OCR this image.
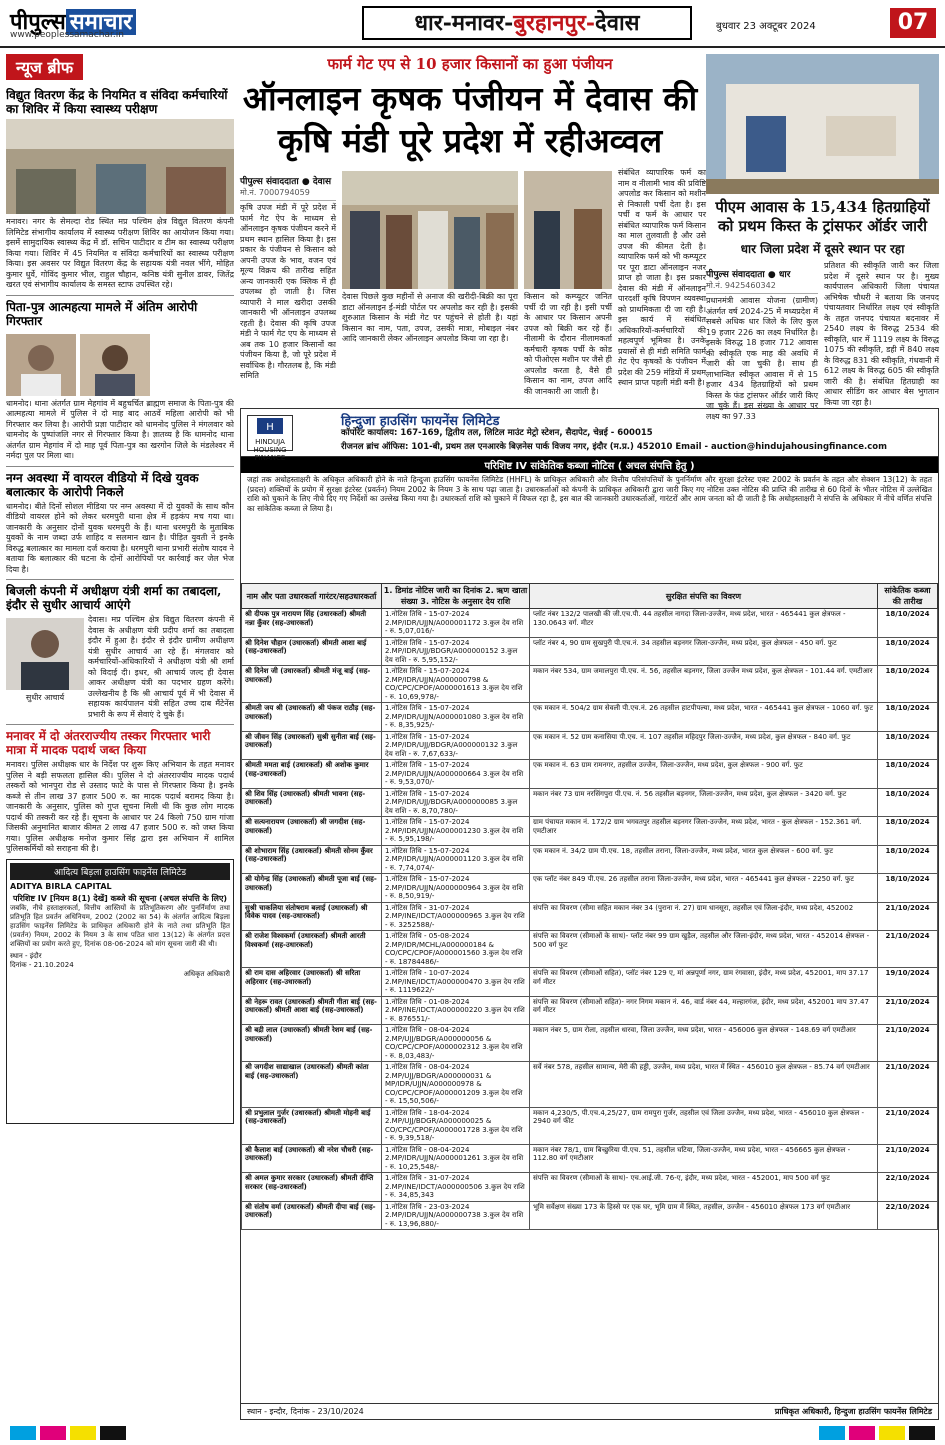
पीपुल्स समाचार
www.peoplessamachar.in	धार-मनावर-बुरहानपुर-देवास	बुधवार 23 अक्टूबर 2024	07
न्यूज ब्रीफ
विद्युत वितरण केंद्र के नियमित व संविदा कर्मचारियों का शिविर में किया स्वास्थ्य परीक्षण
मनावर। नगर के सेमल्दा रोड स्थित मप्र पश्चिम क्षेत्र विद्युत वितरण कंपनी लिमिटेड संभागीय कार्यालय में स्वास्थ्य परीक्षण शिविर का आयोजन किया गया। इसमें सामुदायिक स्वास्थ्य केंद्र में डॉ. सचिन पाटीदार व टीम का स्वास्थ्य परीक्षण किया गया। शिविर में 45 नियमित व संविदा कर्मचारियों का स्वास्थ्य परीक्षण किया। इस अवसर पर विद्युत वितरण केंद्र के सहायक यंत्री नवल भींगे, मोहित कुमार धुर्वे, गोविंद कुमार भील, राहुल चौहान, कनिष्ठ यंत्री सुनील डावर, जितेंद्र खरत एवं संभागीय कार्यालय के समस्त स्टाफ उपस्थित रहे।
पिता-पुत्र आत्महत्या मामले में अंतिम आरोपी गिरफ्तार
धामनोद। थाना अंतर्गत ग्राम मेहगांव में बहुचर्चित ब्राह्मण समाज के पिता-पुत्र की आत्महत्या मामले में पुलिस ने दो माह बाद आठवें महिला आरोपी को भी गिरफ्तार कर लिया है। आरोपी प्रज्ञा पाटीदार को धामनोद पुलिस ने मंगलवार को धामनोद के पुष्पांजलि नगर से गिरफ्तार किया है। ज्ञातव्य है कि धामनोद थाना अंतर्गत ग्राम मेहगांव में दो माह पूर्व पिता-पुत्र का खरगोन जिले के मंडलेश्वर में नर्मदा पुल पर मिला था।
नग्न अवस्था में वायरल वीडियो में दिखे युवक बलात्कार के आरोपी निकले
धामनोद। बीते दिनों सोशल मीडिया पर नग्न अवस्था में दो युवकों के साथ कौन वीडियो वायरल होने को लेकर धरमपुरी थाना क्षेत्र में हड़कंप मच गया था। जानकारी के अनुसार दोनों युवक धरमपुरी के हैं। थाना धरमपुरी के मुताबिक युवकों के नाम जब्दा उर्फ शाहिद व सलमान खान है। पीड़ित युवती ने इनके विरुद्ध बलात्कार का मामला दर्ज कराया है। धरमपुरी थाना प्रभारी संतोष यादव ने बताया कि बलात्कार की घटना के दोनों आरोपियों पर कार्रवाई कर जेल भेज दिया है।
बिजली कंपनी में अधीक्षण यंत्री शर्मा का तबादला, इंदौर से सुधीर आचार्य आएंगे
सुधीर आचार्य
देवास। मप्र पश्चिम क्षेत्र विद्युत वितरण कंपनी में देवास के अधीक्षण यंत्री प्रदीप शर्मा का तबादला इंदौर में हुआ है। इंदौर से इंदौर ग्रामीण अधीक्षण यंत्री सुधीर आचार्य आ रहे हैं। मंगलवार को कर्मचारियों-अधिकारियों ने अधीक्षण यंत्री श्री शर्मा को विदाई दी। इधर, श्री आचार्य जल्द ही देवास आकर अधीक्षण यंत्री का पदभार ग्रहण करेंगे। उल्लेखनीय है कि श्री आचार्य पूर्व में भी देवास में सहायक कार्यपालन यंत्री सहित उच्च दाब मैंटेनेंस प्रभारी के रूप में सेवाएं दे चुके हैं।
मनावर में दो अंतरराज्यीय तस्कर गिरफ्तार भारी मात्रा में मादक पदार्थ जब्त किया
मनावर। पुलिस अधीक्षक धार के निर्देश पर शुरू किए अभियान के तहत मनावर पुलिस ने बड़ी सफलता हासिल की। पुलिस ने दो अंतरराज्यीय मादक पदार्थ तस्करों को भानपुरा रोड से उस्ताद फाटे के पास से गिरफ्तार किया है। इनके कब्जे से तीन लाख 37 हजार 500 रु. का मादक पदार्थ बरामद किया है। जानकारी के अनुसार, पुलिस को गुप्त सूचना मिली थी कि कुछ लोग मादक पदार्थ की तस्करी कर रहे हैं। सूचना के आधार पर 24 किलो 750 ग्राम गांजा जिसकी अनुमानित बाजार कीमत 2 लाख 47 हजार 500 रु. को जब्त किया गया। पुलिस अधीक्षक मनोज कुमार सिंह द्वारा इस अभियान में शामिल पुलिसकर्मियों को सराहना की है।
आदित्य बिड़ला हाउसिंग फाइनेंस लिमिटेड
ADITYA BIRLA CAPITAL
परिशिष्ट IV [नियम 8(1) देखें] कब्जे की सूचना (अचल संपत्ति के लिए)
जबकि, नीचे हस्ताक्षरकर्ता, वित्तीय आस्तियों के प्रतिभूतिकरण और पुनर्निर्माण तथा प्रतिभूति हित प्रवर्तन अधिनियम, 2002 (2002 का 54) के अंतर्गत आदित्य बिड़ला हाउसिंग फाइनेंस लिमिटेड के प्राधिकृत अधिकारी होने के नाते तथा प्रतिभूति हित (प्रवर्तन) नियम, 2002 के नियम 3 के साथ पठित धारा 13(12) के अंतर्गत प्रदत्त शक्तियों का प्रयोग करते हुए, दिनांक 08-06-2024 को मांग सूचना जारी की थी।
स्थान - इंदौर
दिनांक - 21.10.2024
अधिकृत अधिकारी
फार्म गेट एप से 10 हजार किसानों का हुआ पंजीयन
ऑनलाइन कृषक पंजीयन में देवास की कृषि मंडी पूरे प्रदेश में रहीअव्वल
पीपुल्स संवाददाता ● देवास
मो.नं. 7000794059
कृषि उपज मंडी में पूरे प्रदेश में फार्म गेट ऐप के माध्यम से ऑनलाइन कृषक पंजीयन करने में प्रथम स्थान हासिल किया है। इस प्रकार के पंजीयन से किसान को अपनी उपज के भाव, वजन एवं मूल्य विक्रय की तारीख सहित अन्य जानकारी एक क्लिक में ही उपलब्ध हो जाती है। जिस व्यापारी ने माल खरीदा उसकी जानकारी भी ऑनलाइन उपलब्ध रहती है। देवास की कृषि उपज मंडी ने फार्म गेट एप के माध्यम से अब तक 10 हजार किसानों का पंजीयन किया है, जो पूरे प्रदेश में सर्वाधिक है। गौरतलब है, कि मंडी समिति
देवास पिछले कुछ महीनों से अनाज की खरीदी-बिक्री का पूरा डाटा ऑनलाइन ई-मंडी पोर्टल पर अपलोड कर रही है। इसकी शुरुआत किसान के मंडी गेट पर पहुंचने से होती है। यहां किसान का नाम, पता, उपज, उसकी मात्रा, मोबाइल नंबर आदि जानकारी लेकर ऑनलाइन अपलोड किया जा रहा है।
किसान को कम्प्यूटर जनित पर्ची दी जा रही है। इसी पर्ची के आधार पर किसान अपनी उपज को बिक्री कर रहे हैं। नीलामी के दौरान नीलामकर्ता कर्मचारी कृषक पर्ची के कोड को पीओएस मशीन पर जैसे ही अपलोड करता है, वैसे ही किसान का नाम, उपज आदि की जानकारी आ जाती है।
संबंधित व्यापारिक फर्म का नाम व नीलामी भाव की प्रविष्टि अपलोड कर किसान को मशीन से निकाली पर्ची देता है। इस पर्ची व फर्म के आधार पर संबंधित व्यापारिक फर्म किसान का माल तुलवाती है और उसे उपज की कीमत देती है। व्यापारिक फर्म को भी कम्प्यूटर पर पूरा डाटा ऑनलाइन नजर प्राप्त हो जाता है। इस प्रकार देवास की मंडी में ऑनलाइन पारदर्शी कृषि विपणन व्यवस्था को प्राथमिकता दी जा रही है। इस कार्य में संबंधित अधिकारियों-कर्मचारियों की महत्वपूर्ण भूमिका है। उनके प्रयासों से ही मंडी समिति फार्म गेट ऐप कृषकों के पंजीयन में प्रदेश की 259 मंडियों में प्रथम स्थान प्राप्त पहली मंडी बनी है।
पीएम आवास के 15,434 हितग्राहियों को प्रथम किस्त के ट्रांसफर ऑर्डर जारी
धार जिला प्रदेश में दूसरे स्थान पर रहा
पीपुल्स संवाददाता ● धार
मो.नं. 9425460342
प्रधानमंत्री आवास योजना (ग्रामीण) अंतर्गत वर्ष 2024-25 में मध्यप्रदेश में सबसे अधिक धार जिले के लिए कुल 19 हजार 226 का लक्ष्य निर्धारित है। इसके विरुद्ध 18 हजार 712 आवास की स्वीकृति एक माह की अवधि में जारी की जा चुकी है। साथ ही लाभान्वित स्वीकृत आवास में से 15 हजार 434 हितग्राहियों को प्रथम किस्त के फंड ट्रांसफर ऑर्डर जारी किए जा चुके हैं। इस संख्या के आधार पर लक्ष्य का 97.33
प्रतिशत की स्वीकृति जारी कर जिला प्रदेश में दूसरे स्थान पर है। मुख्य कार्यपालन अधिकारी जिला पंचायत अभिषेक चौधरी ने बताया कि जनपद पंचायतवार निर्धारित लक्ष्य एवं स्वीकृति के तहत जनपद पंचायत बदनावर में 2540 लक्ष्य के विरुद्ध 2534 की स्वीकृति, धार में 1119 लक्ष्य के विरुद्ध 1075 की स्वीकृति, डही में 840 लक्ष्य के विरुद्ध 831 की स्वीकृति, गंधवानी में 612 लक्ष्य के विरुद्ध 605 की स्वीकृति जारी की है। संबंधित हितग्राही का आधार सीडिंग कर आधार बेस भुगतान किया जा रहा है।
H
HINDUJA HOUSING FINANCE
हिन्दुजा हाउसिंग फायनेंस लिमिटेड
कॉर्पोरेट कार्यालय: 167-169, द्वितीय तल, लिटिल माउंट मेट्रो स्टेशन, सैदापेट, चेन्नई - 600015
रीजनल ब्रांच ऑफिस: 101-बी, प्रथम तल एनआरके बिज़नेस पार्क विजय नगर, इंदौर (म.प्र.) 452010 Email - auction@hindujahousingfinance.com
परिशिष्ट IV सांकेतिक कब्जा नोटिस ( अचल संपत्ति हेतु )
जहां तक अधोहस्ताक्षरी के अधिकृत अधिकारी होने के नाते हिन्दुजा हाउसिंग फायनेंस लिमिटेड (HHFL) के प्राधिकृत अधिकारी और वित्तीय परिसंपत्तियों के पुनर्निर्माण और सुरक्षा इंटरेस्ट एक्ट 2002 के प्रवर्तन के तहत और सेक्शन 13(12) के तहत (प्रदत्त) शक्तियों के प्रयोग में सुरक्षा इंटरेस्ट (प्रवर्तन) नियम 2002 के नियम 3 के साथ पढ़ा जाता है। उधारकर्ताओं को कंपनी के प्राधिकृत अधिकारी द्वारा जारी किए गए नोटिस उक्त नोटिस की प्राप्ति की तारीख से 60 दिनों के भीतर नोटिस में उल्लेखित राशि को चुकाने के लिए नीचे दिए गए निर्देशों का उल्लेख किया गया है। उधारकर्ता राशि को चुकाने में विफल रहा है, इस बात की जानकारी उधारकर्ताओं, गारंटरों और आम जनता को दी जाती है कि अधोहस्ताक्षरी ने संपत्ति के अधिकार में नीचे वर्णित संपत्ति का सांकेतिक कब्जा ले लिया है।
नाम और पता उधारकर्ता गारंटर/सहउधारकर्ता	1. डिमांड नोटिस जारी का दिनांक 2. ऋण खाता संख्या 3. नोटिस के अनुसार देय राशि	सुरक्षित संपत्ति का विवरण	सांकेतिक कब्जा की तारीख
श्री दीपक पुत्र नारायण सिंह (उधारकर्ता) श्रीमती नन्ना कुँवर (सह-उधारकर्ता)	1.नोटिस तिथि - 15-07-2024 2.MP/IDR/UJJN/A000001172 3.कुल देय राशि - रु. 5,07,016/-	प्लॉट नंबर 132/2 पालखी की जी.एच.पी. 44 तहसील नागदा जिला-उज्जैन, मध्य प्रदेश, भारत - 465441 कुल क्षेत्रफल - 130.0643 वर्ग. मीटर	18/10/2024
श्री दिनेश चौहान (उधारकर्ता) श्रीमती आशा बाई (सह-उधारकर्ता)	1.नोटिस तिथि - 15-07-2024 2.MP/IDR/UJJ/BDGR/A000000152 3.कुल देय राशि - रु. 5,95,152/-	प्लॉट नंबर 4, 90 ग्राम सुखपुरी पी.एच.नं. 34 तहसील बड़नगर जिला-उज्जैन, मध्य प्रदेश, कुल क्षेत्रफल - 450 वर्ग. फुट	18/10/2024
श्री दिनेश जी (उधारकर्ता) श्रीमती मंजू बाई (सह-उधारकर्ता)	1.नोटिस तिथि - 15-07-2024 2.MP/IDR/UJJN/A000000798 & CO/CPC/CPOF/A000001613 3.कुल देय राशि - रु. 10,69,978/-	मकान नंबर 534, ग्राम जमालपुरा पी.एच. नं. 56, तहसील बड़नगर, जिला उज्जैन मध्य प्रदेश, कुल क्षेत्रफल - 101.44 वर्ग. एमटीआर	18/10/2024
श्रीमती जय श्री (उधारकर्ता) श्री पंकज राठौड़ (सह-उधारकर्ता)	1.नोटिस तिथि - 15-07-2024 2.MP/IDR/UJJN/A000001080 3.कुल देय राशि - रु. 8,35,925/-	एक मकान नं. 504/2 ग्राम सेवली पी.एच.नं. 26 तहसील हाटपीपल्या, मध्य प्रदेश, भारत - 465441 कुल क्षेत्रफल - 1060 वर्ग. फुट	18/10/2024
श्री जीवन सिंह (उधारकर्ता) सुश्री सुनीता बाई (सह-उधारकर्ता)	1.नोटिस तिथि - 15-07-2024 2.MP/IDR/UJJ/BDGR/A000000132 3.कुल देय राशि - रु. 7,67,633/-	एक मकान नं. 52 ग्राम कनासिया पी.एच. नं. 107 तहसील महिदपुर जिला-उज्जैन, मध्य प्रदेश, कुल क्षेत्रफल - 840 वर्ग. फुट	18/10/2024
श्रीमती ममता बाई (उधारकर्ता) श्री अशोक कुमार (सह-उधारकर्ता)	1.नोटिस तिथि - 15-07-2024 2.MP/IDR/UJJN/A000000664 3.कुल देय राशि - रु. 9,53,070/-	एक मकान नं. 63 ग्राम रामनगर, तहसील उज्जैन, जिला-उज्जैन, मध्य प्रदेश, कुल क्षेत्रफल - 900 वर्ग. फुट	18/10/2024
श्री शिव सिंह (उधारकर्ता) श्रीमती भावना (सह-उधारकर्ता)	1.नोटिस तिथि - 15-07-2024 2.MP/IDR/UJJ/BDGR/A000000085 3.कुल देय राशि - रु. 8,70,780/-	मकान नंबर 73 ग्राम नरसिंगपुरा पी.एच. नं. 56 तहसील बड़नगर, जिला-उज्जैन, मध्य प्रदेश, कुल क्षेत्रफल - 3420 वर्ग. फुट	18/10/2024
श्री सत्यनारायण (उधारकर्ता) श्री जगदीश (सह-उधारकर्ता)	1.नोटिस तिथि - 15-07-2024 2.MP/IDR/UJJN/A000001230 3.कुल देय राशि - रु. 5,95,198/-	ग्राम पंचायत मकान नं. 172/2 ग्राम भगवतपुर तहसील बड़नगर जिला-उज्जैन, मध्य प्रदेश, भारत - कुल क्षेत्रफल - 152.361 वर्ग. एमटीआर	18/10/2024
श्री शोभाराम सिंह (उधारकर्ता) श्रीमती सोनम कुँवर (सह-उधारकर्ता)	1.नोटिस तिथि - 15-07-2024 2.MP/IDR/UJJN/A000001120 3.कुल देय राशि - रु. 7,74,074/-	एक मकान नं. 34/2 ग्राम पी.एच. 18, तहसील तराना, जिला-उज्जैन, मध्य प्रदेश, भारत कुल क्षेत्रफल - 600 वर्ग. फुट	18/10/2024
श्री योगेन्द्र सिंह (उधारकर्ता) श्रीमती पूजा बाई (सह-उधारकर्ता)	1.नोटिस तिथि - 15-07-2024 2.MP/IDR/UJJN/A000000964 3.कुल देय राशि - रु. 8,50,919/-	एक प्लॉट नंबर 849 पी.एच. 26 तहसील तराना जिला-उज्जैन, मध्य प्रदेश, भारत - 465441 कुल क्षेत्रफल - 2250 वर्ग. फुट	18/10/2024
सुश्री चाकलिया संतोषराम बलाई (उधारकर्ता) श्री विवेक यादव (सह-उधारकर्ता)	1.नोटिस तिथि - 31-07-2024 2.MP/INE/IDCT/A000000965 3.कुल देय राशि - रु. 3252588/-	संपत्ति का विवरण (सीमा सहित मकान नंबर 34 (पुराना नं. 27) ग्राम धानसूरा, तहसील एवं जिला-इंदौर, मध्य प्रदेश, 452002	21/10/2024
श्री राजेश विश्वकर्मा (उधारकर्ता) श्रीमती आरती विश्वकर्मा (सह-उधारकर्ता)	1.नोटिस तिथि - 05-08-2024 2.MP/IDR/MCHL/A000000184 & CO/CPC/CPOF/A000001560 3.कुल देय राशि - रु. 18784486/-	संपत्ति का विवरण (सीमाओं के साथ)- प्लॉट नंबर 99 ग्राम खुड़ैल, तहसील और जिला-इंदौर, मध्य प्रदेश, भारत - 452014 क्षेत्रफल - 500 वर्ग फुट	21/10/2024
श्री राम दास अहिरवार (उधारकर्ता) श्री सरिता अहिरवार (सह-उधारकर्ता)	1.नोटिस तिथि - 10-07-2024 2.MP/INE/IDCT/A000000470 3.कुल देय राशि - रु. 1119622/-	संपत्ति का विवरण (सीमाओं सहित), प्लॉट नंबर 129 ए, मां अन्नपूर्णा नगर, ग्राम रंगवासा, इंदौर, मध्य प्रदेश, 452001, माप 37.17 वर्ग मीटर	19/10/2024
श्री नेहरू रावत (उधारकर्ता) श्रीमती गीता बाई (सह-उधारकर्ता) श्रीमती आशा बाई (सह-उधारकर्ता)	1.नोटिस तिथि - 01-08-2024 2.MP/INE/IDCT/A000000220 3.कुल देय राशि - रु. 876551/-	संपत्ति का विवरण (सीमाओं सहित)- नगर निगम मकान नं. 46, वार्ड नंबर 44, मल्हारगंज, इंदौर, मध्य प्रदेश, 452001 माप 37.47 वर्ग मीटर	21/10/2024
श्री बद्री लाल (उधारकर्ता) श्रीमती रेशम बाई (सह-उधारकर्ता)	1.नोटिस तिथि - 08-04-2024 2.MP/UJJ/BDGR/A000000056 & CO/CPC/CPOF/A000002312 3.कुल देय राशि - रु. 8,03,483/-	मकान नंबर 5, ग्राम रोला, तहसील धारवा, जिला उज्जैन, मध्य प्रदेश, भारत - 456006 कुल क्षेत्रफल - 148.69 वर्ग एमटीआर	21/10/2024
श्री जगदीश साद्याखाल (उधारकर्ता) श्रीमती कांता बाई (सह-उधारकर्ता)	1.नोटिस तिथि - 08-04-2024 2.MP/UJJ/BDGR/A000000031 & MP/IDR/UJJN/A000000978 & CO/CPC/CPOF/A000001209 3.कुल देय राशि - रु. 15,50,506/-	सर्वे नंबर 578, तहसील सामान्य, मेरी की हड्डी, उज्जैन, मध्य प्रदेश, भारत में स्थित - 456010 कुल क्षेत्रफल - 85.74 वर्ग एमटीआर	21/10/2024
श्री प्रभुलाल गुर्जर (उधारकर्ता) श्रीमती मोहनी बाई (सह-उधारकर्ता)	1.नोटिस तिथि - 18-04-2024 2.MP/UJJ/BDGR/A000000025 & CO/CPC/CPOF/A000001728 3.कुल देय राशि - रु. 9,39,518/-	मकान 4,230/5, पी.एच.4,25/27, ग्राम रामपुरा गुर्जर, तहसील एवं जिला उज्जैन, मध्य प्रदेश, भारत - 456010 कुल क्षेत्रफल - 2940 वर्ग फीट	21/10/2024
श्री कैलाश बाई (उधारकर्ता) श्री नरेश चौधरी (सह-उधारकर्ता)	1.नोटिस तिथि - 08-04-2024 2.MP/IDR/UJJN/A000001261 3.कुल देय राशि - रु. 10,25,548/-	मकान नंबर 78/1, ग्राम बिच्छुरिया पी.एच. 51, तहसील घटिया, जिला-उज्जैन, मध्य प्रदेश, भारत - 456665 कुल क्षेत्रफल - 112.80 वर्ग एमटीआर	21/10/2024
श्री अमल कुमार सरकार (उधारकर्ता) श्रीमती दीप्ति सरकार (सह-उधारकर्ता)	1.नोटिस तिथि - 31-07-2024 2.MP/INE/IDCT/A000000506 3.कुल देय राशि - रु. 34,85,343	संपत्ति का विवरण (सीमाओं के साथ)- एच.आई.जी. 76-ए, इंदौर, मध्य प्रदेश, भारत - 452001, माप 500 वर्ग फुट	22/10/2024
श्री संतोष वर्मा (उधारकर्ता) श्रीमती दीपा बाई (सह-उधारकर्ता)	1.नोटिस तिथि - 23-03-2024 2.MP/IDR/UJJN/A000000738 3.कुल देय राशि - रु. 13,96,880/-	भूमि सर्वेक्षण संख्या 173 के हिस्से पर एक घर, भूमि ग्राम में स्थित, तहसील, उज्जैन - 456010 क्षेत्रफल 173 वर्ग एमटीआर	22/10/2024
स्थान - इन्दौर, दिनांक - 23/10/2024	प्राधिकृत अधिकारी, हिन्दुजा हाउसिंग फायनेंस लिमिटेड
